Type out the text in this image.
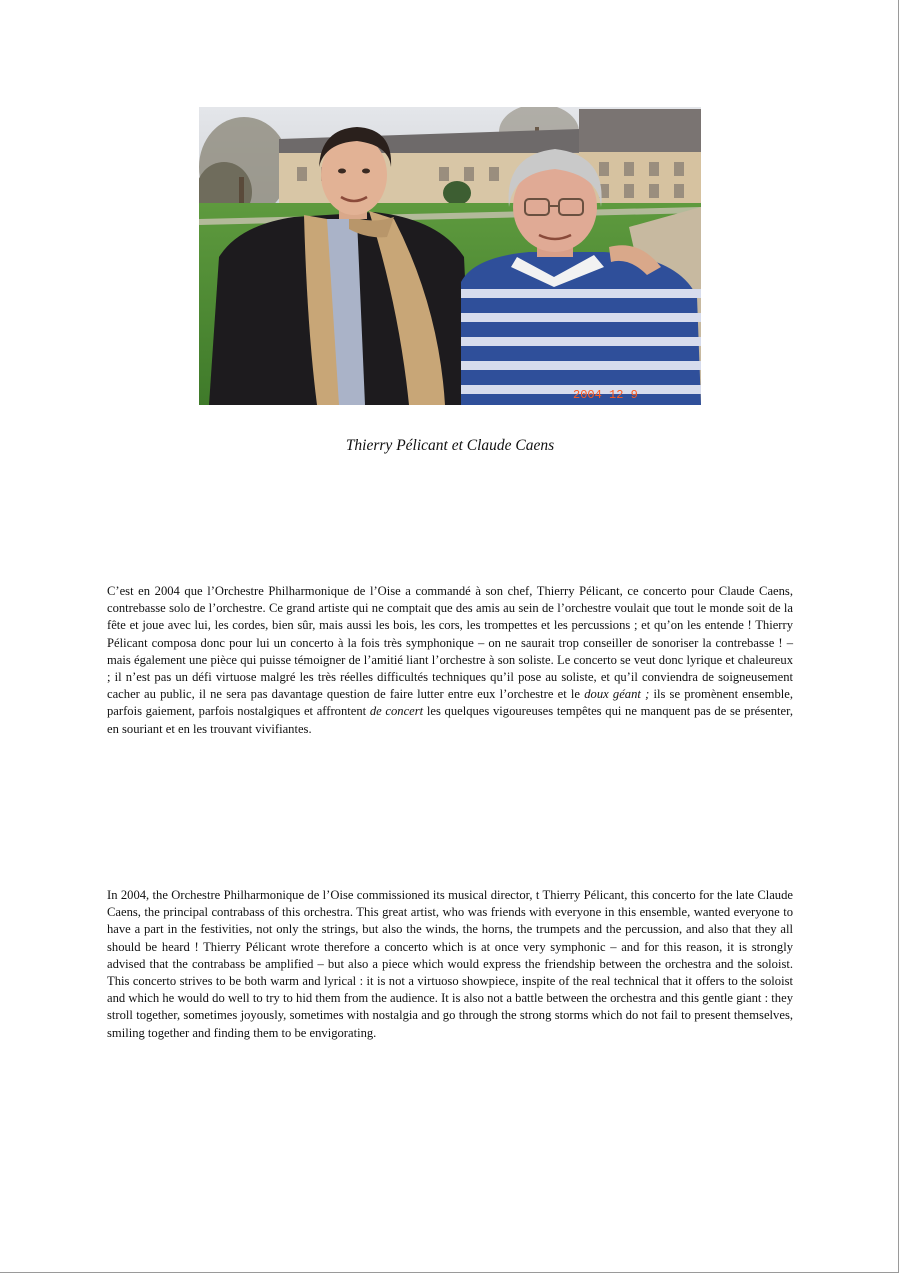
2004 12 9
Thierry Pélicant et Claude Caens

C’est en 2004 que l’Orchestre Philharmonique de l’Oise a commandé à son chef, Thierry Pélicant, ce concerto pour Claude Caens, contrebasse solo de l’orchestre. Ce grand artiste qui ne comptait que des amis au sein de l’orchestre voulait que tout le monde soit de la fête et joue avec lui, les cordes, bien sûr, mais aussi les bois, les cors, les trompettes et les percussions ; et qu’on les entende ! Thierry Pélicant composa donc pour lui un concerto à la fois très symphonique – on ne saurait trop conseiller de sonoriser la contrebasse ! – mais également une pièce qui puisse témoigner de l’amitié liant l’orchestre à son soliste. Le concerto se veut donc lyrique et chaleureux ; il n’est pas un défi virtuose malgré les très réelles difficultés techniques qu’il pose au soliste, et qu’il conviendra de soigneusement cacher au public, il ne sera pas davantage question de faire lutter entre eux l’orchestre et le doux géant ; ils se promènent ensemble, parfois gaiement, parfois nostalgiques et affrontent de concert les quelques vigoureuses tempêtes qui ne manquent pas de se présenter, en souriant et en les trouvant vivifiantes.

In 2004, the Orchestre Philharmonique de l’Oise commissioned its musical director, t Thierry Pélicant, this concerto for the late Claude Caens, the principal contrabass of this orchestra. This great artist, who was friends with everyone in this ensemble, wanted everyone to have a part in the festivities, not only the strings, but also the winds, the horns, the trumpets and the percussion, and also that they all should be heard ! Thierry Pélicant wrote therefore a concerto which is at once very symphonic – and for this reason, it is strongly advised that the contrabass be amplified – but also a piece which would express the friendship between the orchestra and the soloist. This concerto strives to be both warm and lyrical : it is not a virtuoso showpiece, inspite of the real technical that it offers to the soloist and which he would do well to try to hid them from the audience. It is also not a battle between the orchestra and this gentle giant : they stroll together, sometimes joyously, sometimes with nostalgia and go through the strong storms which do not fail to present themselves, smiling together and finding them to be envigorating.
